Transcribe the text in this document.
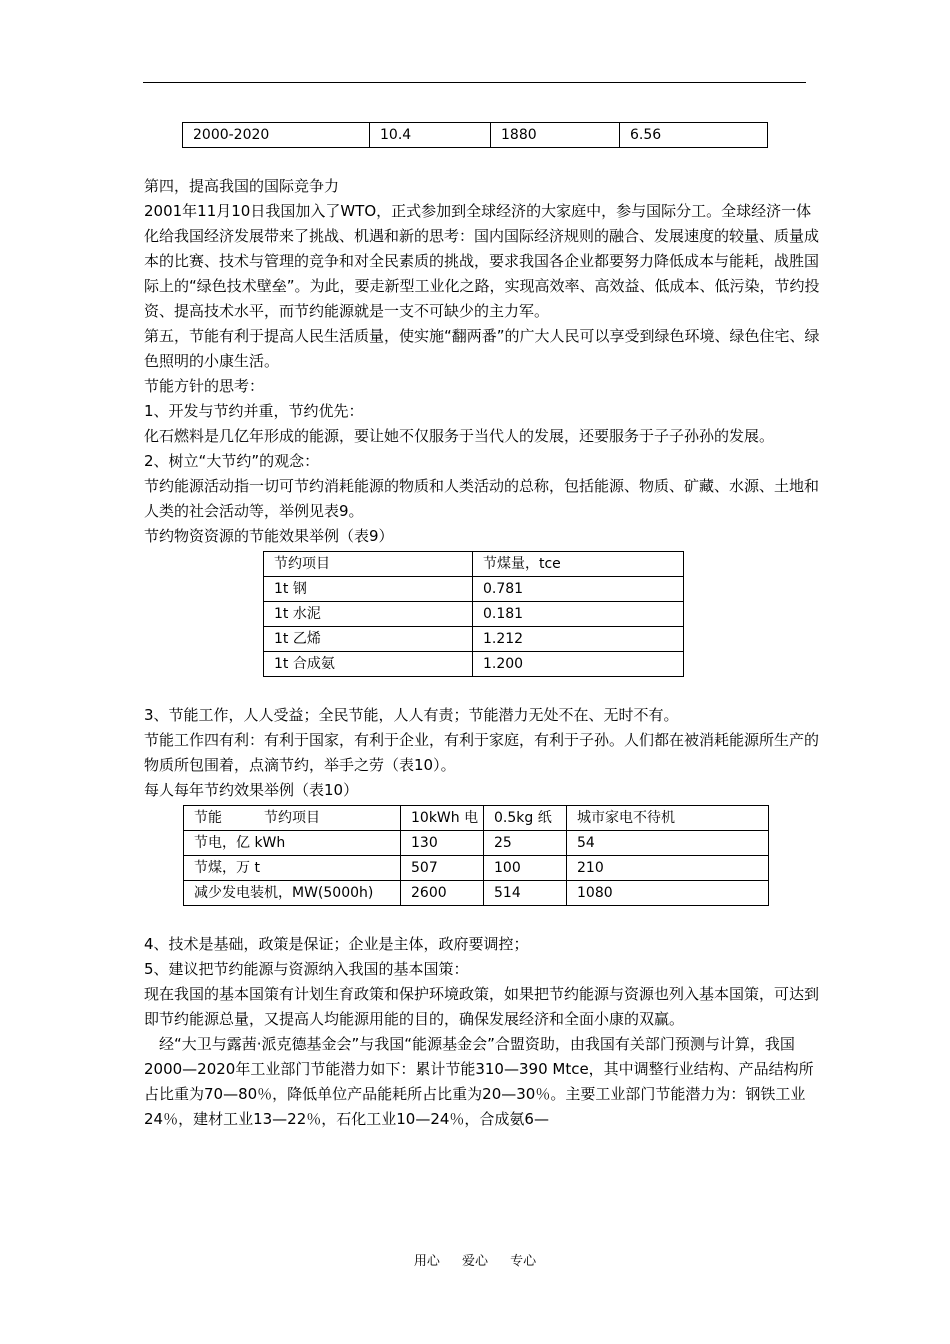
2000-2020	10.4	1880	6.56

第四，提高我国的国际竞争力

2001年11月10日我国加入了WTO，正式参加到全球经济的大家庭中，参与国际分工。全球经济一体化给我国经济发展带来了挑战、机遇和新的思考：国内国际经济规则的融合、发展速度的较量、质量成本的比赛、技术与管理的竞争和对全民素质的挑战，要求我国各企业都要努力降低成本与能耗，战胜国际上的“绿色技术壁垒”。为此，要走新型工业化之路，实现高效率、高效益、低成本、低污染，节约投资、提高技术水平，而节约能源就是一支不可缺少的主力军。

第五，节能有利于提高人民生活质量，使实施“翻两番”的广大人民可以享受到绿色环境、绿色住宅、绿色照明的小康生活。

节能方针的思考：

1、开发与节约并重，节约优先：

化石燃料是几亿年形成的能源，要让她不仅服务于当代人的发展，还要服务于子子孙孙的发展。

2、树立“大节约”的观念：

节约能源活动指一切可节约消耗能源的物质和人类活动的总称，包括能源、物质、矿藏、水源、土地和人类的社会活动等，举例见表9。

节约物资资源的节能效果举例（表9）

节约项目	节煤量，tce
1t 钢	0.781
1t 水泥	0.181
1t 乙烯	1.212
1t 合成氨	1.200

3、节能工作，人人受益；全民节能，人人有责；节能潜力无处不在、无时不有。

节能工作四有利：有利于国家，有利于企业，有利于家庭，有利于子孙。人们都在被消耗能源所生产的物质所包围着，点滴节约，举手之劳（表10）。

每人每年节约效果举例（表10）

节能　　　节约项目	10kWh 电	0.5kg 纸	城市家电不待机
节电，亿 kWh	130	25	54
节煤，万 t	507	100	210
减少发电装机，MW(5000h)	2600	514	1080

4、技术是基础，政策是保证；企业是主体，政府要调控；

5、建议把节约能源与资源纳入我国的基本国策：

现在我国的基本国策有计划生育政策和保护环境政策，如果把节约能源与资源也列入基本国策，可达到即节约能源总量，又提高人均能源用能的目的，确保发展经济和全面小康的双赢。

经“大卫与露茜·派克德基金会”与我国“能源基金会”合盟资助，由我国有关部门预测与计算，我国2000—2020年工业部门节能潜力如下：累计节能310—390 Mtce，其中调整行业结构、产品结构所占比重为70—80％，降低单位产品能耗所占比重为20—30％。主要工业部门节能潜力为：钢铁工业24％，建材工业13—22％，石化工业10—24％，合成氨6—

用心 爱心 专心
